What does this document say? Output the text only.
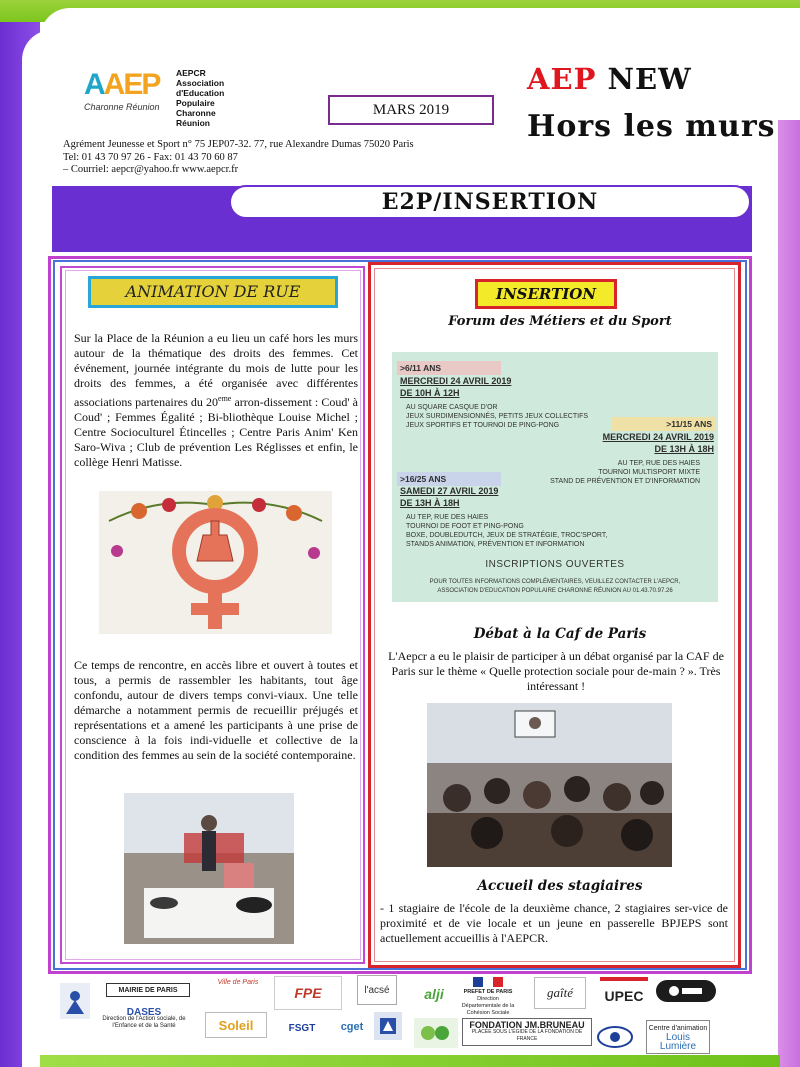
AAEP
Charonne Réunion
AEPCR
Association
d'Education
Populaire
Charonne
Réunion
MARS 2019
AEP NEW
Hors les murs
Agrément Jeunesse et Sport n° 75 JEP07-32. 77, rue Alexandre Dumas 75020 Paris
Tel: 01 43 70 97 26 - Fax: 01 43 70 60 87
– Courriel: aepcr@yahoo.fr www.aepcr.fr
E2P/INSERTION
ANIMATION DE RUE
Sur la Place de la Réunion a eu lieu un café hors les murs autour de la thématique des droits des femmes. Cet événement, journée intégrante du mois de lutte pour les droits des femmes, a été organisée avec différentes associations partenaires du 20eme arron-dissement : Coud' à Coud' ; Femmes Égalité ; Bi-bliothèque Louise Michel ; Centre Socioculturel Étincelles ; Centre Paris Anim' Ken Saro-Wiva ; Club de prévention Les Réglisses et enfin, le collège Henri Matisse.
Ce temps de rencontre, en accès libre et ouvert à toutes et tous, a permis de rassembler les habitants, tout âge confondu, autour de divers temps convi-viaux. Une telle démarche a notamment permis de recueillir préjugés et représentations et a amené les participants à une prise de conscience à la fois indi-viduelle et collective de la condition des femmes au sein de la société contemporaine.
INSERTION
Forum des Métiers et du Sport
>6/11 ANS
MERCREDI 24 AVRIL 2019
DE 10H À 12H
AU SQUARE CASQUE D'OR
JEUX SURDIMENSIONNÉS, PETITS JEUX COLLECTIFS
JEUX SPORTIFS ET TOURNOI DE PING-PONG	>11/15 ANS
MERCREDI 24 AVRIL 2019
DE 13H À 18H
AU TEP, RUE DES HAIES
TOURNOI MULTISPORT MIXTE
STAND DE PRÉVENTION ET D'INFORMATION
>16/25 ANS
SAMEDI 27 AVRIL 2019
DE 13H À 18H
AU TEP, RUE DES HAIES
TOURNOI DE FOOT ET PING-PONG
BOXE, DOUBLEDUTCH, JEUX DE STRATÉGIE, TROC'SPORT,
STANDS ANIMATION, PRÉVENTION ET INFORMATION
INSCRIPTIONS OUVERTES
POUR TOUTES INFORMATIONS COMPLÉMENTAIRES, VEUILLEZ CONTACTER L'AEPCR,
ASSOCIATION D'EDUCATION POPULAIRE CHARONNE RÉUNION AU 01.43.70.97.26
Débat à la Caf de Paris
L'Aepcr a eu le plaisir de participer à un débat organisé par la CAF de Paris sur le thème « Quelle protection sociale pour de-main ? ». Très intéressant !
Accueil des stagiaires
- 1 stagiaire de l'école de la deuxième chance, 2 stagiaires ser-vice de proximité et de vie locale et un jeune en passerelle BPJEPS sont actuellement accueillis à l'AEPCR.
MAIRIE DE PARIS
DASES
Direction de l'Action sociale, de l'Enfance et de la Santé
Ville de Paris
Soleil
FPE
FSGT
l'acsé
cget
alji	PREFET DE PARIS
Direction Départementale de la Cohésion Sociale
FONDATION JM.BRUNEAU
PLACÉE SOUS L'ÉGIDE DE LA FONDATION DE FRANCE
gaîté	UPEC
Centre d'animation
Louis Lumière
